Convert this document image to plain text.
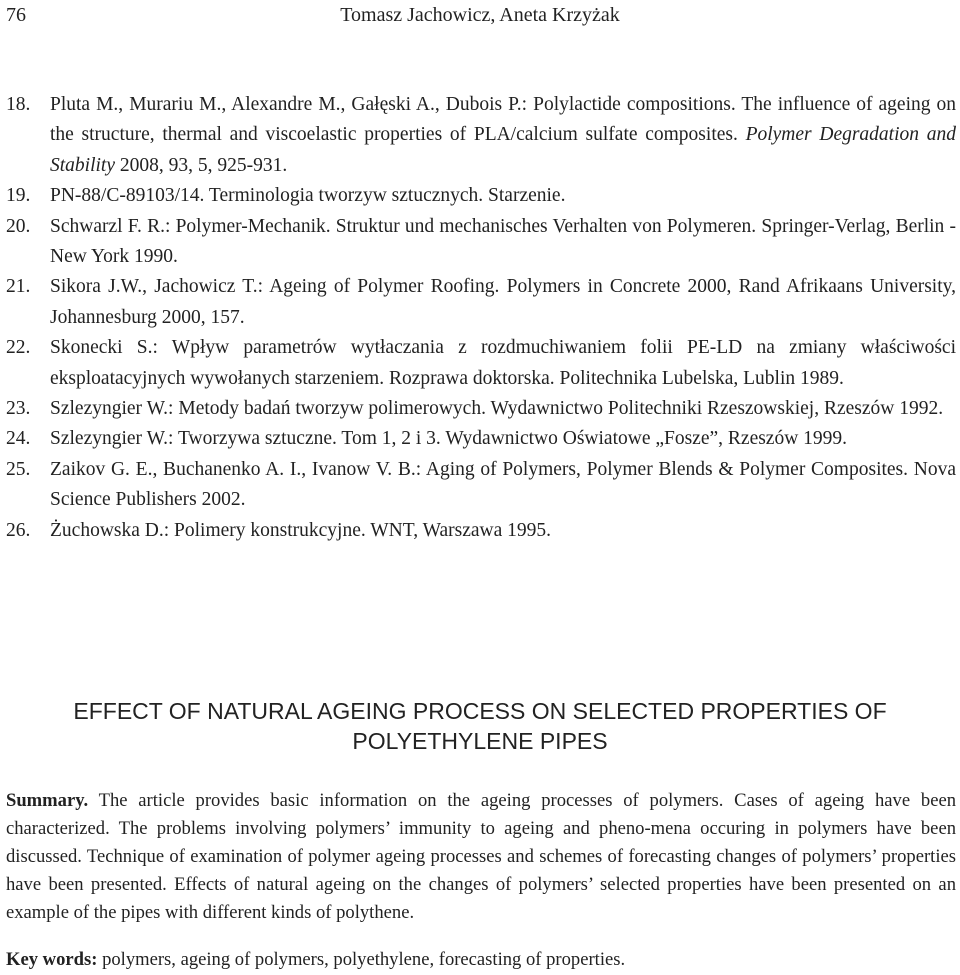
76	Tomasz Jachowicz, Aneta Krzyżak
18. Pluta M., Murariu M., Alexandre M., Gałęski A., Dubois P.: Polylactide compositions. The influence of ageing on the structure, thermal and viscoelastic properties of PLA/calcium sulfate composites. Polymer Degradation and Stability 2008, 93, 5, 925-931.
19. PN-88/C-89103/14. Terminologia tworzyw sztucznych. Starzenie.
20. Schwarzl F. R.: Polymer-Mechanik. Struktur und mechanisches Verhalten von Polymeren. Springer-Verlag, Berlin - New York 1990.
21. Sikora J.W., Jachowicz T.: Ageing of Polymer Roofing. Polymers in Concrete 2000, Rand Afrikaans University, Johannesburg 2000, 157.
22. Skonecki S.: Wpływ parametrów wytłaczania z rozdmuchiwaniem folii PE-LD na zmiany właściwości eksploatacyjnych wywołanych starzeniem. Rozprawa doktorska. Politechnika Lubelska, Lublin 1989.
23. Szlezyngier W.: Metody badań tworzyw polimerowych. Wydawnictwo Politechniki Rzeszowskiej, Rzeszów 1992.
24. Szlezyngier W.: Tworzywa sztuczne. Tom 1, 2 i 3. Wydawnictwo Oświatowe „Fosze”, Rzeszów 1999.
25. Zaikov G. E., Buchanenko A. I., Ivanow V. B.: Aging of Polymers, Polymer Blends & Polymer Composites. Nova Science Publishers 2002.
26. Żuchowska D.: Polimery konstrukcyjne. WNT, Warszawa 1995.
EFFECT OF NATURAL AGEING PROCESS ON SELECTED PROPERTIES OF
POLYETHYLENE PIPES
Summary. The article provides basic information on the ageing processes of polymers. Cases of ageing have been characterized. The problems involving polymers’ immunity to ageing and pheno-mena occuring in polymers have been discussed. Technique of examination of polymer ageing processes and schemes of forecasting changes of polymers’ properties have been presented. Effects of natural ageing on the changes of polymers’ selected properties have been presented on an example of the pipes with different kinds of polythene.
Key words: polymers, ageing of polymers, polyethylene, forecasting of properties.
